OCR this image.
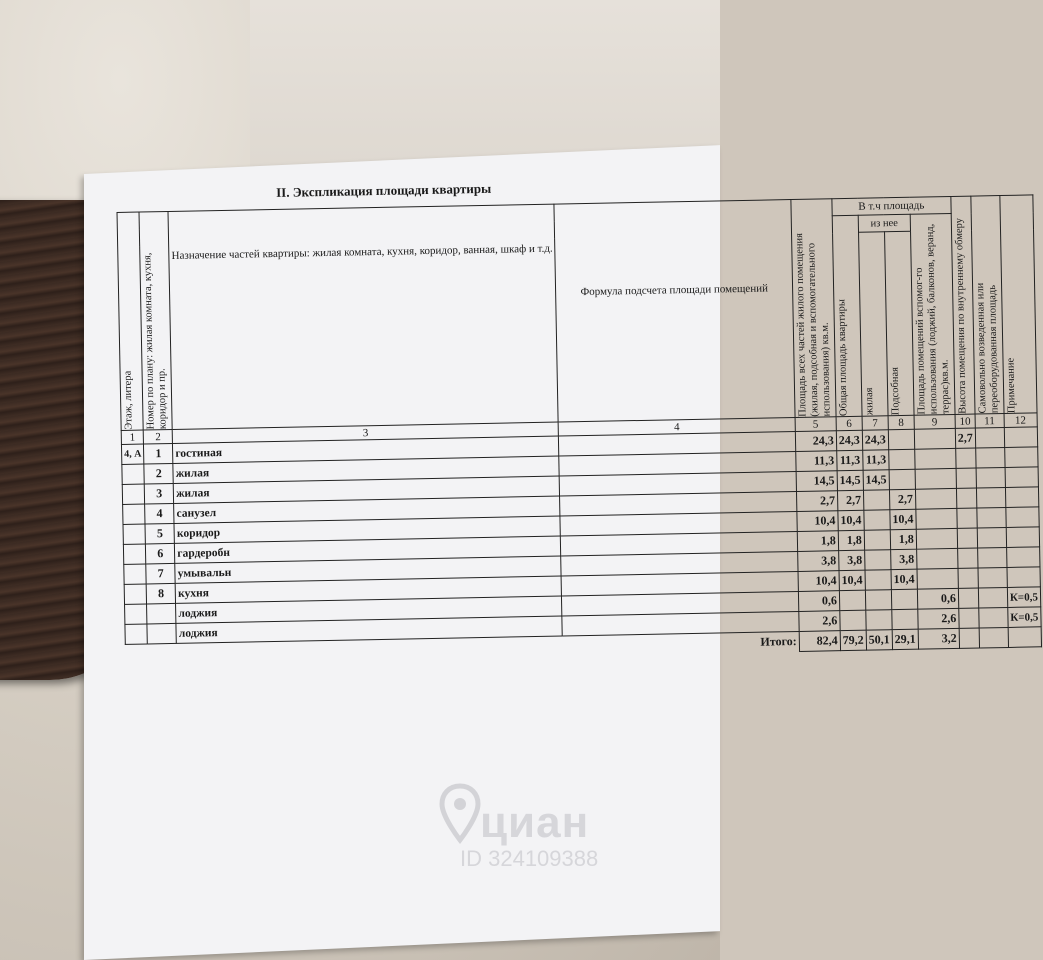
II. Экспликация площади квартиры
Этаж, литера	Номер по плану: жилая комната, кухня, коридор и пр.	Назначение частей квартиры: жилая комната, кухня, коридор, ванная, шкаф и т.д.	Формула подсчета площади помещений	Площадь всех частей жилого помещения (жилая, подсобная и вспомогательного использования) кв.м.	В т.ч площадь				Высота помещения по внутреннему обмеру	Самовольно возведенная или переоборудованная площадь	Примечание

					Общая площадь квартиры	из нее		Площадь помещений вспомог-го использования (лоджий, балконов, веранд, террас)кв.м.			

						жилая	Подсобная				

1	2	3	4	5	6	7	8	9	10	11	12
4, А	1	гостиная		24,3	24,3	24,3			2,7		
	2	жилая		11,3	11,3	11,3					
	3	жилая		14,5	14,5	14,5					
	4	санузел		2,7	2,7		2,7				
	5	коридор		10,4	10,4		10,4				
	6	гардеробн		1,8	1,8		1,8				
	7	умывальн		3,8	3,8		3,8				
	8	кухня		10,4	10,4		10,4				
		лоджия		0,6				0,6			К=0,5
		лоджия		2,6				2,6			К=0,5
Итого:				82,4	79,2	50,1	29,1	3,2			
циан
ID 324109388
